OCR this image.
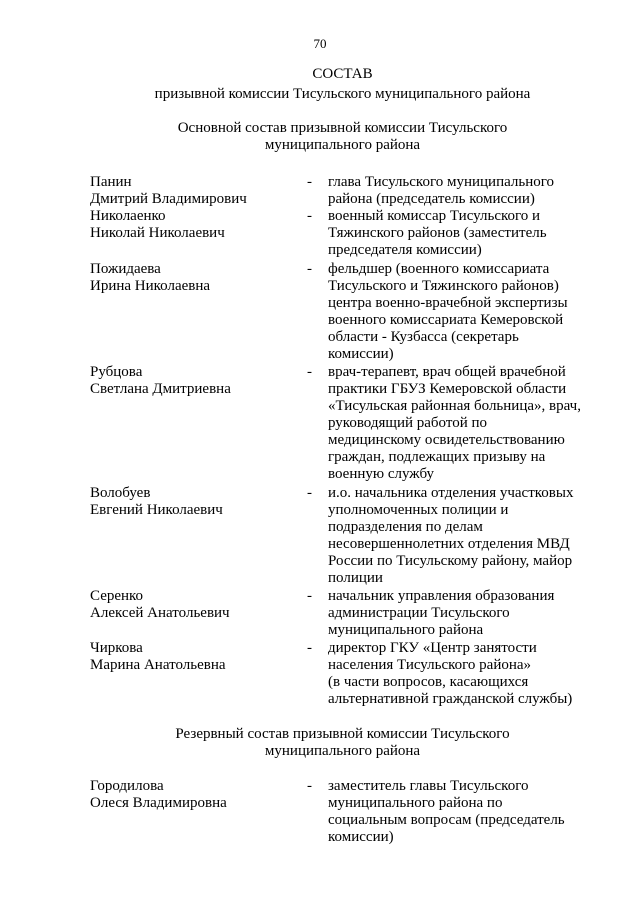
70
СОСТАВ
призывной комиссии Тисульского муниципального района
Основной состав призывной комиссии Тисульского
муниципального района
Панин
Дмитрий Владимирович
-	глава Тисульского муниципального
района (председатель комиссии)
Николаенко
Николай Николаевич
-	военный комиссар Тисульского и
Тяжинского районов (заместитель
председателя комиссии)
Пожидаева
Ирина Николаевна
-	фельдшер (военного комиссариата
Тисульского и Тяжинского районов)
центра военно-врачебной экспертизы
военного комиссариата Кемеровской
области - Кузбасса (секретарь
комиссии)
Рубцова
Светлана Дмитриевна
-	врач-терапевт, врач общей врачебной
практики ГБУЗ Кемеровской области
«Тисульская районная больница», врач,
руководящий работой по
медицинскому освидетельствованию
граждан, подлежащих призыву на
военную службу
Волобуев
Евгений Николаевич
-	и.о. начальника отделения участковых
уполномоченных полиции и
подразделения по делам
несовершеннолетних отделения МВД
России по Тисульскому району, майор
полиции
Серенко
Алексей Анатольевич
-	начальник управления образования
администрации Тисульского
муниципального района
Чиркова
Марина Анатольевна
-	директор ГКУ «Центр занятости
населения Тисульского района»
(в части вопросов, касающихся
альтернативной гражданской службы)
Резервный состав призывной комиссии Тисульского
муниципального района
Городилова
Олеся Владимировна
-	заместитель главы Тисульского
муниципального района по
социальным вопросам (председатель
комиссии)
